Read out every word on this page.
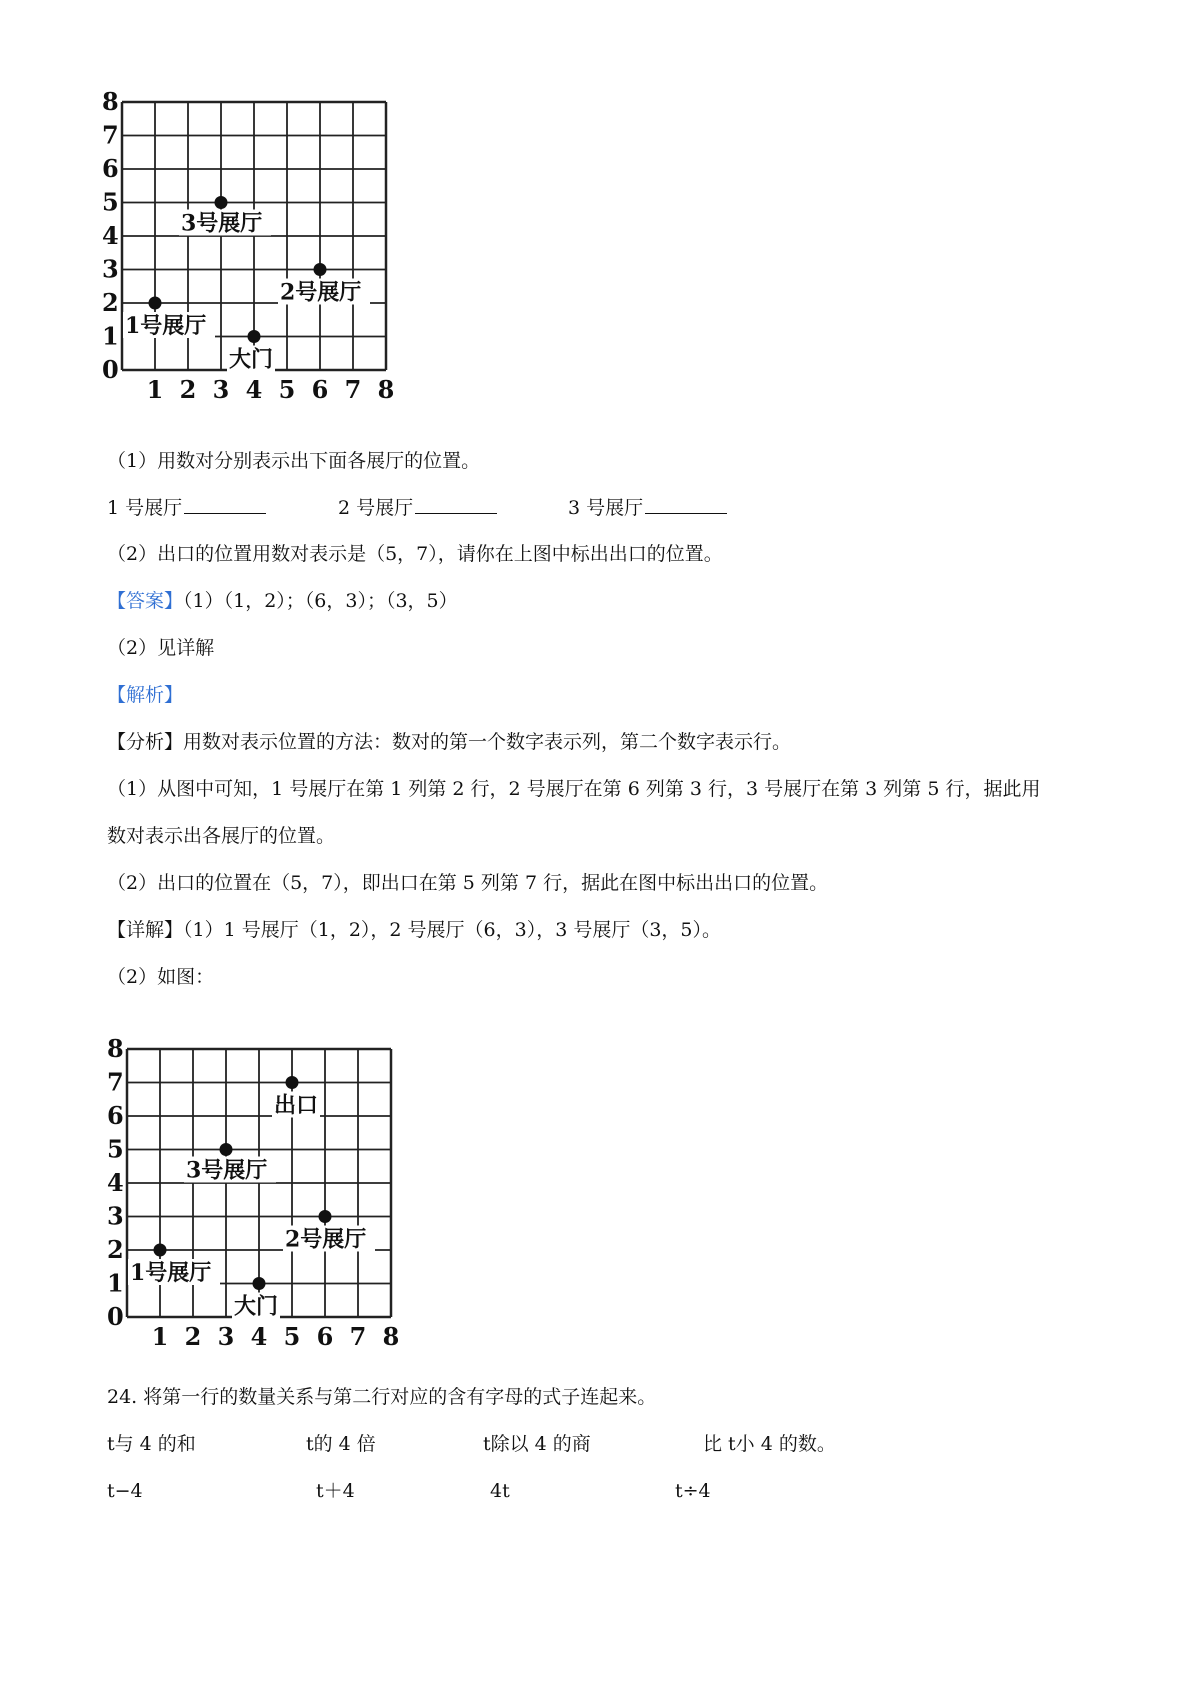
0
1
2
3
4
5
6
7
8
1 2 3 4 5 6 7 8
1号展厅
2号展厅
3号展厅
大门
（1）用数对分别表示出下面各展厅的位置。
1 号展厅	2 号展厅	3 号展厅
（2）出口的位置用数对表示是（5，7），请你在上图中标出出口的位置。
【答案】（1）（1，2）；（6，3）；（3，5）
（2）见详解
【解析】
【分析】用数对表示位置的方法：数对的第一个数字表示列，第二个数字表示行。
（1）从图中可知，1 号展厅在第 1 列第 2 行，2 号展厅在第 6 列第 3 行，3 号展厅在第 3 列第 5 行，据此用
数对表示出各展厅的位置。
（2）出口的位置在（5，7），即出口在第 5 列第 7 行，据此在图中标出出口的位置。
【详解】（1）1 号展厅（1，2），2 号展厅（6，3），3 号展厅（3，5）。
（2）如图：
0
1
2
3
4
5
6
7
8
1 2 3 4 5 6 7 8
1号展厅
2号展厅
3号展厅
大门
出口
24. 将第一行的数量关系与第二行对应的含有字母的式子连起来。
t与 4 的和	t的 4 倍	t除以 4 的商	比 t小 4 的数。
t−4	t＋4	4t	t÷4
